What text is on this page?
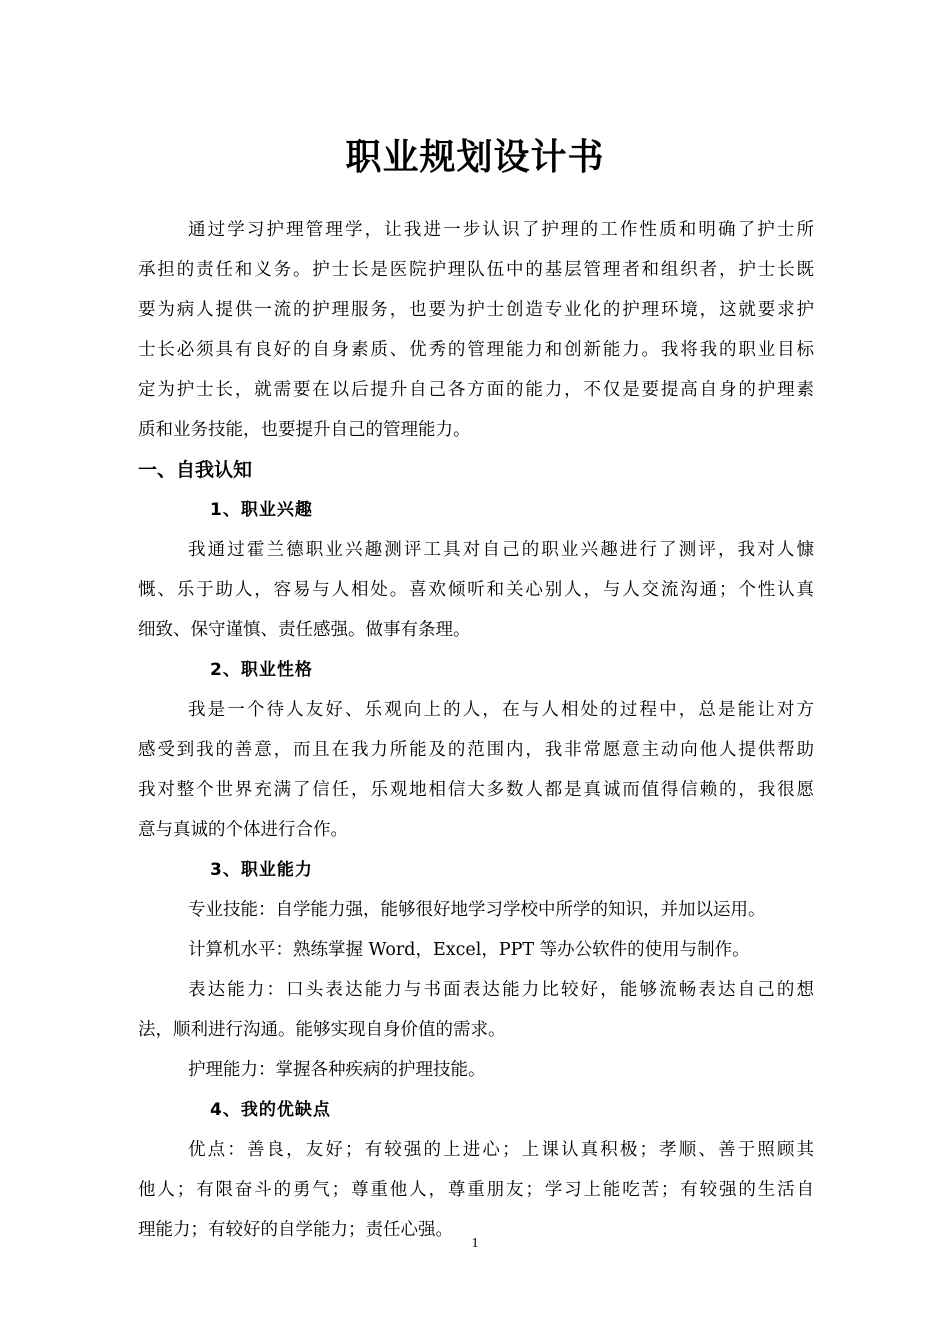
职业规划设计书
通过学习护理管理学，让我进一步认识了护理的工作性质和明确了护士所
承担的责任和义务。护士长是医院护理队伍中的基层管理者和组织者，护士长既
要为病人提供一流的护理服务，也要为护士创造专业化的护理环境，这就要求护
士长必须具有良好的自身素质、优秀的管理能力和创新能力。我将我的职业目标
定为护士长，就需要在以后提升自己各方面的能力，不仅是要提高自身的护理素
质和业务技能，也要提升自己的管理能力。
一、自我认知
1、职业兴趣
我通过霍兰德职业兴趣测评工具对自己的职业兴趣进行了测评，我对人慷
慨、乐于助人，容易与人相处。喜欢倾听和关心别人，与人交流沟通；个性认真
细致、保守谨慎、责任感强。做事有条理。
2、职业性格
我是一个待人友好、乐观向上的人，在与人相处的过程中，总是能让对方
感受到我的善意，而且在我力所能及的范围内，我非常愿意主动向他人提供帮助
我对整个世界充满了信任，乐观地相信大多数人都是真诚而值得信赖的，我很愿
意与真诚的个体进行合作。
3、职业能力
专业技能：自学能力强，能够很好地学习学校中所学的知识，并加以运用。
计算机水平：熟练掌握 Word，Excel，PPT 等办公软件的使用与制作。
表达能力：口头表达能力与书面表达能力比较好，能够流畅表达自己的想
法，顺利进行沟通。能够实现自身价值的需求。
护理能力：掌握各种疾病的护理技能。
4、我的优缺点
优点：善良，友好；有较强的上进心；上课认真积极；孝顺、善于照顾其
他人；有限奋斗的勇气；尊重他人，尊重朋友；学习上能吃苦；有较强的生活自
理能力；有较好的自学能力；责任心强。
1
